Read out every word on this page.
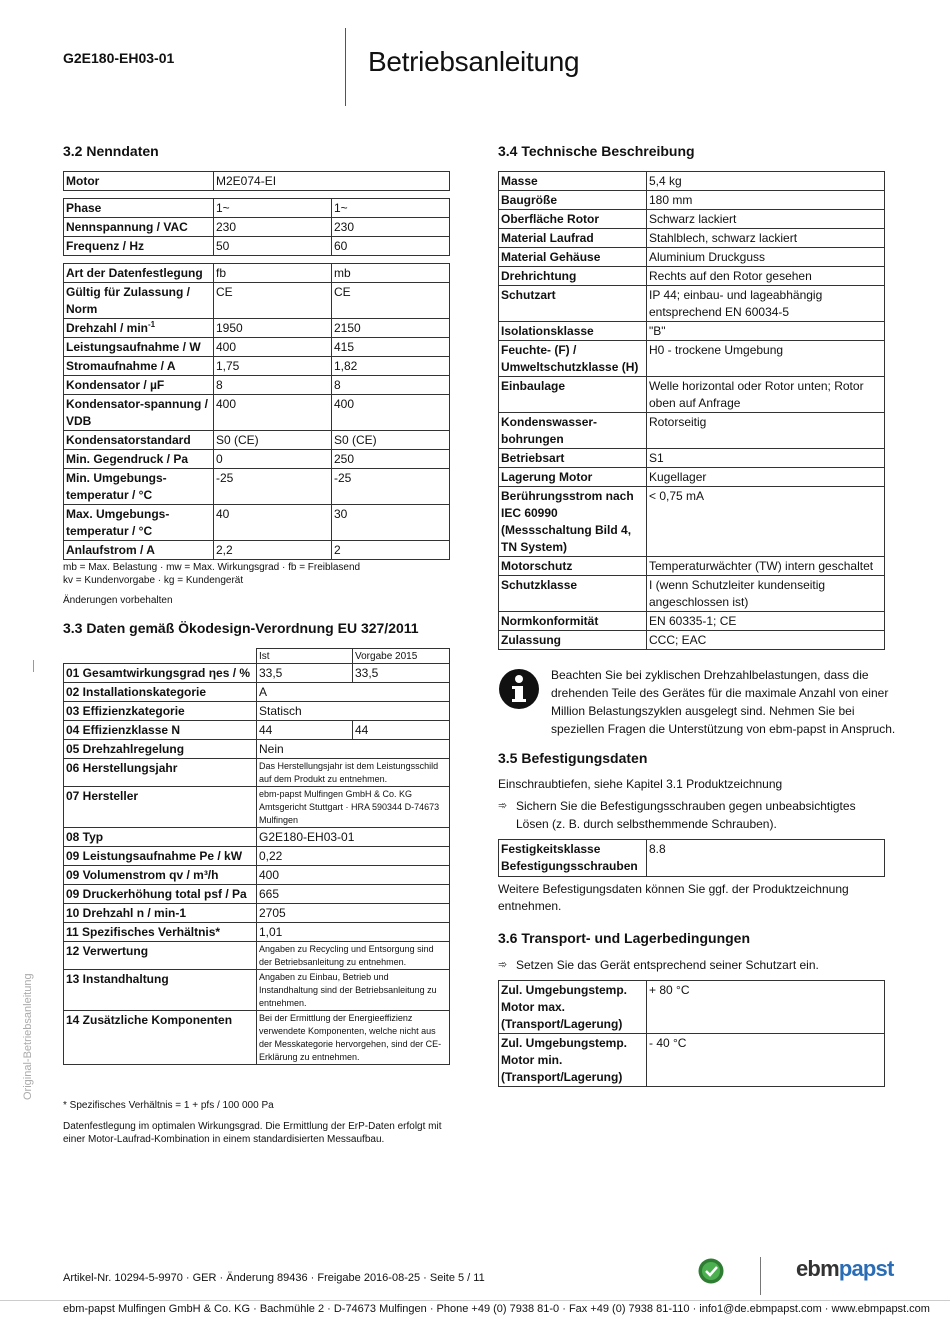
G2E180-EH03-01	Betriebsanleitung
Original-Betriebsanleitung
3.2 Nenndaten
Motor	M2E074-EI	

Phase	1~	1~
Nennspannung / VAC	230	230
Frequenz / Hz	50	60

Art der Datenfestlegung	fb	mb
Gültig für Zulassung / Norm	CE	CE
Drehzahl / $\min^{-1}$	1950	2150
Leistungsaufnahme / W	400	415
Stromaufnahme / A	1,75	1,82
Kondensator / µF	8	8
Kondensator-spannung / VDB	400	400
Kondensatorstandard	S0 (CE)	S0 (CE)
Min. Gegendruck / Pa	0	250
Min. Umgebungs-temperatur / °C	-25	-25
Max. Umgebungs-temperatur / °C	40	30
Anlaufstrom / A	2,2	2
mb = Max. Belastung · mw = Max. Wirkungsgrad · fb = Freiblasend
kv = Kundenvorgabe · kg = Kundengerät
Änderungen vorbehalten
3.3 Daten gemäß Ökodesign-Verordnung EU 327/2011
	Ist	Vorgabe 2015
01 Gesamtwirkungsgrad ηes / %	33,5	33,5
02 Installationskategorie	A	
03 Effizienzkategorie	Statisch	
04 Effizienzklasse N	44	44
05 Drehzahlregelung	Nein	
06 Herstellungsjahr	Das Herstellungsjahr ist dem Leistungsschild auf dem Produkt zu entnehmen.	
07 Hersteller	ebm-papst Mulfingen GmbH & Co. KG Amtsgericht Stuttgart · HRA 590344 D-74673 Mulfingen	
08 Typ	G2E180-EH03-01	
09 Leistungsaufnahme Pe / kW	0,22	
09 Volumenstrom qv / m³/h	400	
09 Druckerhöhung total psf / Pa	665	
10 Drehzahl n / min-1	2705	
11 Spezifisches Verhältnis*	1,01	
12 Verwertung	Angaben zu Recycling und Entsorgung sind der Betriebsanleitung zu entnehmen.	
13 Instandhaltung	Angaben zu Einbau, Betrieb und Instandhaltung sind der Betriebsanleitung zu entnehmen.	
14 Zusätzliche Komponenten	Bei der Ermittlung der Energieeffizienz verwendete Komponenten, welche nicht aus der Messkategorie hervorgehen, sind der CE-Erklärung zu entnehmen.	
* Spezifisches Verhältnis = 1 + pfs / 100 000 Pa
Datenfestlegung im optimalen Wirkungsgrad. Die Ermittlung der ErP-Daten erfolgt mit einer Motor-Laufrad-Kombination in einem standardisierten Messaufbau.
3.4 Technische Beschreibung
Masse	5,4 kg
Baugröße	180 mm
Oberfläche Rotor	Schwarz lackiert
Material Laufrad	Stahlblech, schwarz lackiert
Material Gehäuse	Aluminium Druckguss
Drehrichtung	Rechts auf den Rotor gesehen
Schutzart	IP 44; einbau- und lageabhängig entsprechend EN 60034-5
Isolationsklasse	"B"
Feuchte- (F) / Umweltschutzklasse (H)	H0 - trockene Umgebung
Einbaulage	Welle horizontal oder Rotor unten; Rotor oben auf Anfrage
Kondenswasser-bohrungen	Rotorseitig
Betriebsart	S1
Lagerung Motor	Kugellager
Berührungsstrom nach IEC 60990 (Messschaltung Bild 4, TN System)	< 0,75 mA
Motorschutz	Temperaturwächter (TW) intern geschaltet
Schutzklasse	I (wenn Schutzleiter kundenseitig angeschlossen ist)
Normkonformität	EN 60335-1; CE
Zulassung	CCC; EAC
Beachten Sie bei zyklischen Drehzahlbelastungen, dass die drehenden Teile des Gerätes für die maximale Anzahl von einer Million Belastungszyklen ausgelegt sind. Nehmen Sie bei speziellen Fragen die Unterstützung von ebm-papst in Anspruch.
3.5 Befestigungsdaten
Einschraubtiefen, siehe Kapitel 3.1 Produktzeichnung
➾ Sichern Sie die Befestigungsschrauben gegen unbeabsichtigtes Lösen (z. B. durch selbsthemmende Schrauben).
Festigkeitsklasse Befestigungsschrauben	8.8
Weitere Befestigungsdaten können Sie ggf. der Produktzeichnung entnehmen.
3.6 Transport- und Lagerbedingungen
➾ Setzen Sie das Gerät entsprechend seiner Schutzart ein.
Zul. Umgebungstemp. Motor max. (Transport/Lagerung)	+ 80 °C
Zul. Umgebungstemp. Motor min. (Transport/Lagerung)	- 40 °C
Artikel-Nr. 10294-5-9970 · GER · Änderung 89436 · Freigabe 2016-08-25 · Seite 5 / 11	ebmpapst
ebm-papst Mulfingen GmbH & Co. KG · Bachmühle 2 · D-74673 Mulfingen · Phone +49 (0) 7938 81-0 · Fax +49 (0) 7938 81-110 · info1@de.ebmpapst.com · www.ebmpapst.com
